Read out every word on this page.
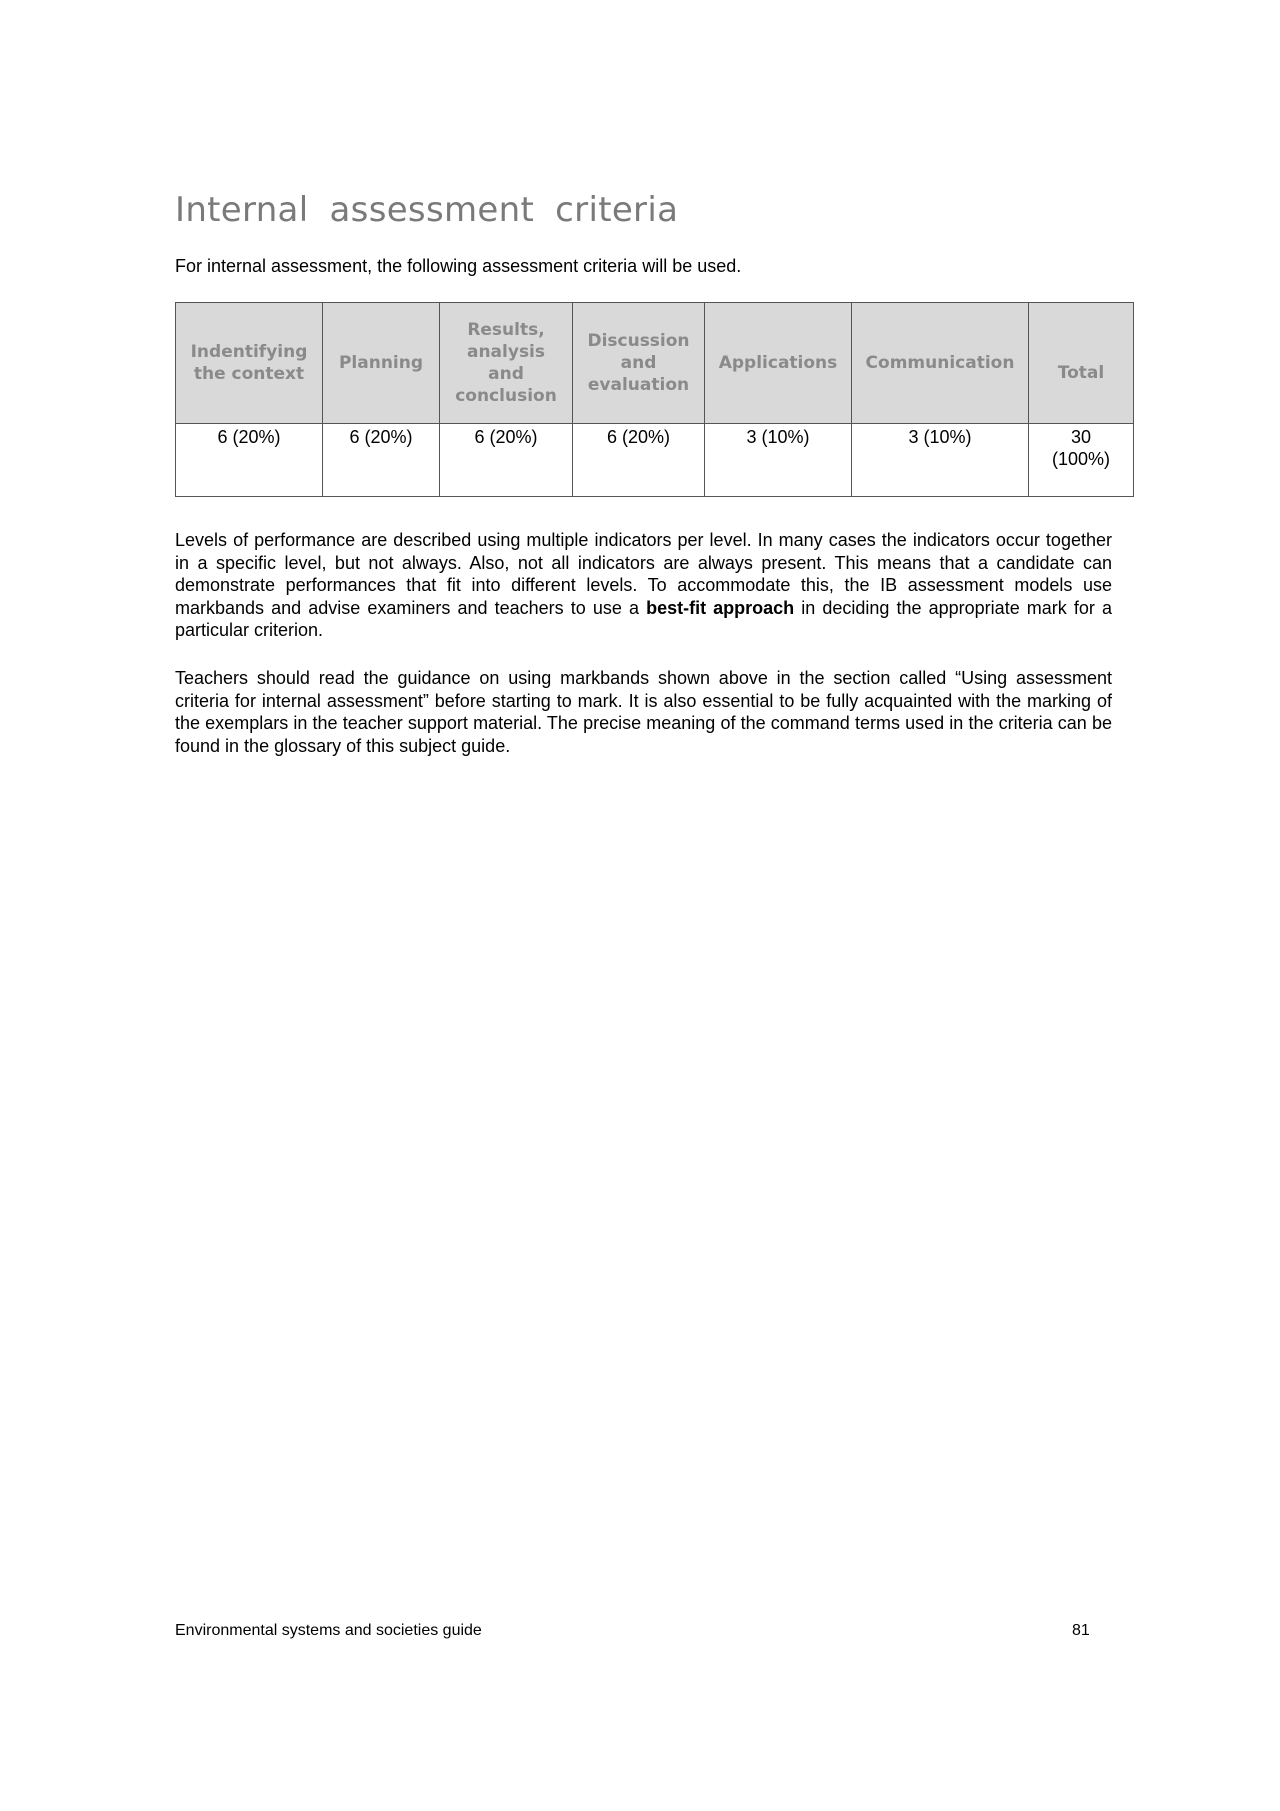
Internal assessment criteria

For internal assessment, the following assessment criteria will be used.

Indentifying
the context	Planning	Results,
analysis
and
conclusion	Discussion
and
evaluation	Applications	Communication	Total

6 (20%)	6 (20%)	6 (20%)	6 (20%)	3 (10%)	3 (10%)	30
(100%)

Levels of performance are described using multiple indicators per level. In many cases the indicators occur together in a specific level, but not always. Also, not all indicators are always present. This means that a candidate can demonstrate performances that fit into different levels. To accommodate this, the IB assessment models use markbands and advise examiners and teachers to use a best-fit approach in deciding the appropriate mark for a particular criterion.

Teachers should read the guidance on using markbands shown above in the section called “Using assessment criteria for internal assessment” before starting to mark. It is also essential to be fully acquainted with the marking of the exemplars in the teacher support material. The precise meaning of the command terms used in the criteria can be found in the glossary of this subject guide.

Environmental systems and societies guide	81
